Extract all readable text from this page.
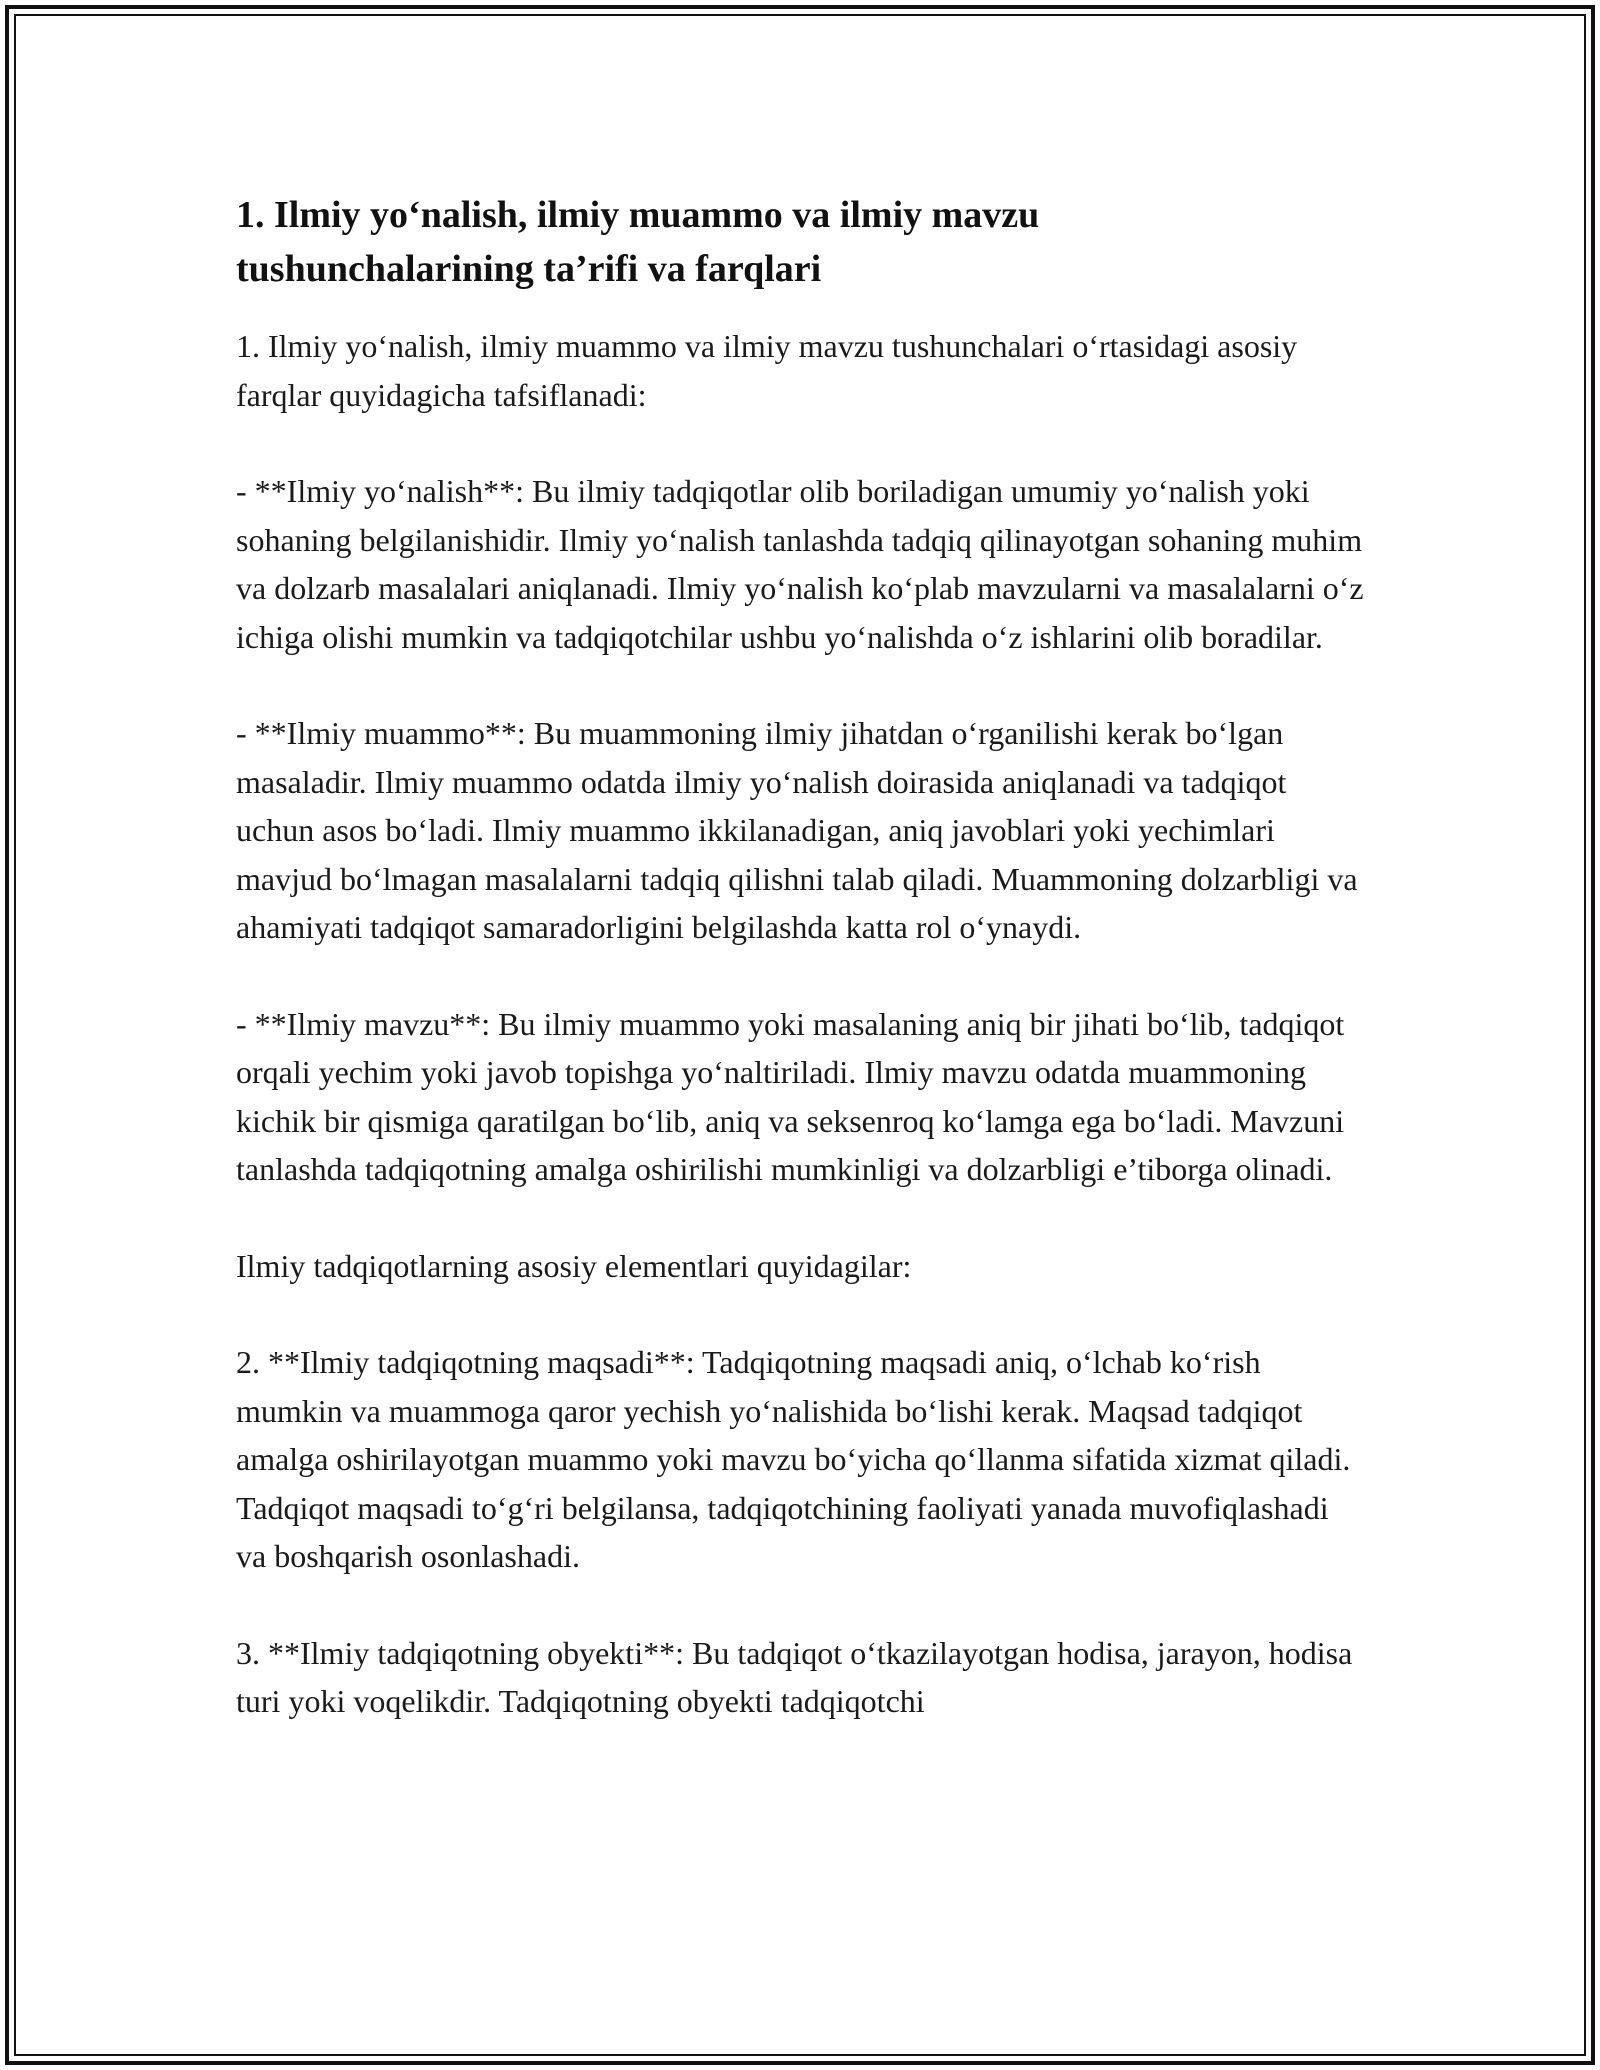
1. Ilmiy yo‘nalish, ilmiy muammo va ilmiy mavzu
tushunchalarining ta’rifi va farqlari

1. Ilmiy yo‘nalish, ilmiy muammo va ilmiy mavzu tushunchalari o‘rtasidagi asosiy farqlar quyidagicha tafsiflanadi:

- **Ilmiy yo‘nalish**: Bu ilmiy tadqiqotlar olib boriladigan umumiy yo‘nalish yoki sohaning belgilanishidir. Ilmiy yo‘nalish tanlashda tadqiq qilinayotgan sohaning muhim va dolzarb masalalari aniqlanadi. Ilmiy yo‘nalish ko‘plab mavzularni va masalalarni o‘z ichiga olishi mumkin va tadqiqotchilar ushbu yo‘nalishda o‘z ishlarini olib boradilar.

- **Ilmiy muammo**: Bu muammoning ilmiy jihatdan o‘rganilishi kerak bo‘lgan masaladir. Ilmiy muammo odatda ilmiy yo‘nalish doirasida aniqlanadi va tadqiqot uchun asos bo‘ladi. Ilmiy muammo ikkilanadigan, aniq javoblari yoki yechimlari mavjud bo‘lmagan masalalarni tadqiq qilishni talab qiladi. Muammoning dolzarbligi va ahamiyati tadqiqot samaradorligini belgilashda katta rol o‘ynaydi.

- **Ilmiy mavzu**: Bu ilmiy muammo yoki masalaning aniq bir jihati bo‘lib, tadqiqot orqali yechim yoki javob topishga yo‘naltiriladi. Ilmiy mavzu odatda muammoning kichik bir qismiga qaratilgan bo‘lib, aniq va seksenroq ko‘lamga ega bo‘ladi. Mavzuni tanlashda tadqiqotning amalga oshirilishi mumkinligi va dolzarbligi e’tiborga olinadi.

Ilmiy tadqiqotlarning asosiy elementlari quyidagilar:

2. **Ilmiy tadqiqotning maqsadi**: Tadqiqotning maqsadi aniq, o‘lchab ko‘rish mumkin va muammoga qaror yechish yo‘nalishida bo‘lishi kerak. Maqsad tadqiqot amalga oshirilayotgan muammo yoki mavzu bo‘yicha qo‘llanma sifatida xizmat qiladi. Tadqiqot maqsadi to‘g‘ri belgilansa, tadqiqotchining faoliyati yanada muvofiqlashadi va boshqarish osonlashadi.

3. **Ilmiy tadqiqotning obyekti**: Bu tadqiqot o‘tkazilayotgan hodisa, jarayon, hodisa turi yoki voqelikdir. Tadqiqotning obyekti tadqiqotchi
